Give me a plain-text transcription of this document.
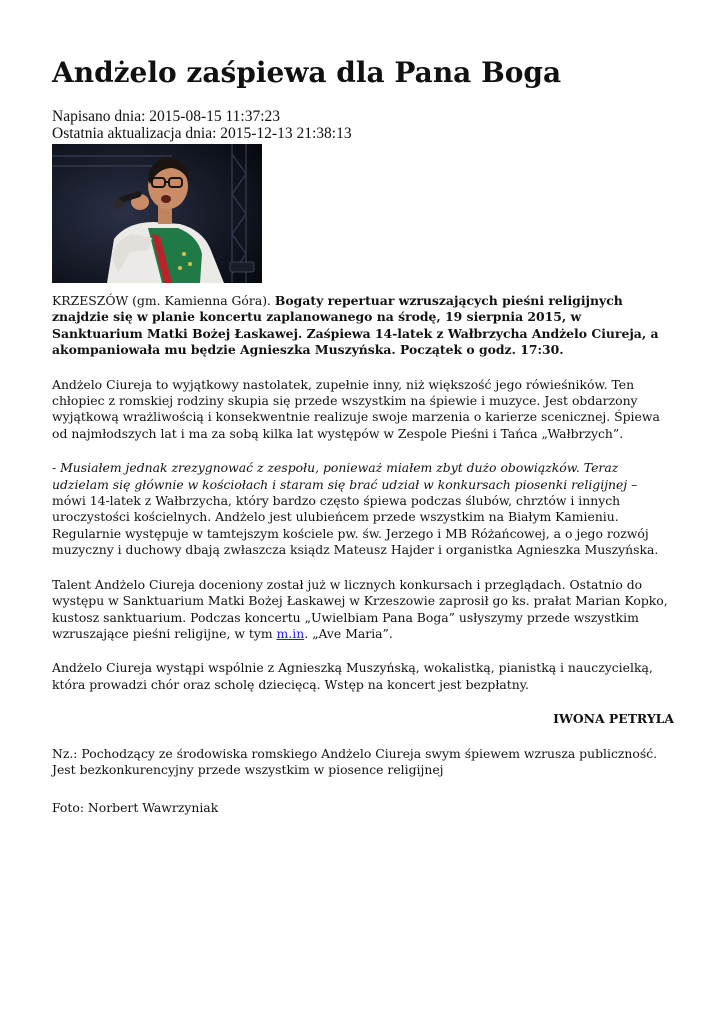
Andżelo zaśpiewa dla Pana Boga
Napisano dnia: 2015-08-15 11:37:23
Ostatnia aktualizacja dnia: 2015-12-13 21:38:13

KRZESZÓW (gm. Kamienna Góra). Bogaty repertuar wzruszających pieśni religijnych znajdzie się w planie koncertu zaplanowanego na środę, 19 sierpnia 2015, w Sanktuarium Matki Bożej Łaskawej. Zaśpiewa 14-latek z Wałbrzycha Andżelo Ciureja, a akompaniowała mu będzie Agnieszka Muszyńska. Początek o godz. 17:30.

Andżelo Ciureja to wyjątkowy nastolatek, zupełnie inny, niż większość jego rówieśników. Ten chłopiec z romskiej rodziny skupia się przede wszystkim na śpiewie i muzyce. Jest obdarzony wyjątkową wrażliwością i konsekwentnie realizuje swoje marzenia o karierze scenicznej. Śpiewa od najmłodszych lat i ma za sobą kilka lat występów w Zespole Pieśni i Tańca „Wałbrzych”.

- Musiałem jednak zrezygnować z zespołu, ponieważ miałem zbyt dużo obowiązków. Teraz udzielam się głównie w kościołach i staram się brać udział w konkursach piosenki religijnej – mówi 14-latek z Wałbrzycha, który bardzo często śpiewa podczas ślubów, chrztów i innych uroczystości kościelnych. Andżelo jest ulubieńcem przede wszystkim na Białym Kamieniu. Regularnie występuje w tamtejszym kościele pw. św. Jerzego i MB Różańcowej, a o jego rozwój muzyczny i duchowy dbają zwłaszcza ksiądz Mateusz Hajder i organistka Agnieszka Muszyńska.

Talent Andżelo Ciureja doceniony został już w licznych konkursach i przeglądach. Ostatnio do występu w Sanktuarium Matki Bożej Łaskawej w Krzeszowie zaprosił go ks. prałat Marian Kopko, kustosz sanktuarium. Podczas koncertu „Uwielbiam Pana Boga” usłyszymy przede wszystkim wzruszające pieśni religijne, w tym m.in. „Ave Maria”.

Andżelo Ciureja wystąpi wspólnie z Agnieszką Muszyńską, wokalistką, pianistką i nauczycielką, która prowadzi chór oraz scholę dziecięcą. Wstęp na koncert jest bezpłatny.

IWONA PETRYLA

Nz.: Pochodzący ze środowiska romskiego Andżelo Ciureja swym śpiewem wzrusza publiczność. Jest bezkonkurencyjny przede wszystkim w piosence religijnej

Foto: Norbert Wawrzyniak
